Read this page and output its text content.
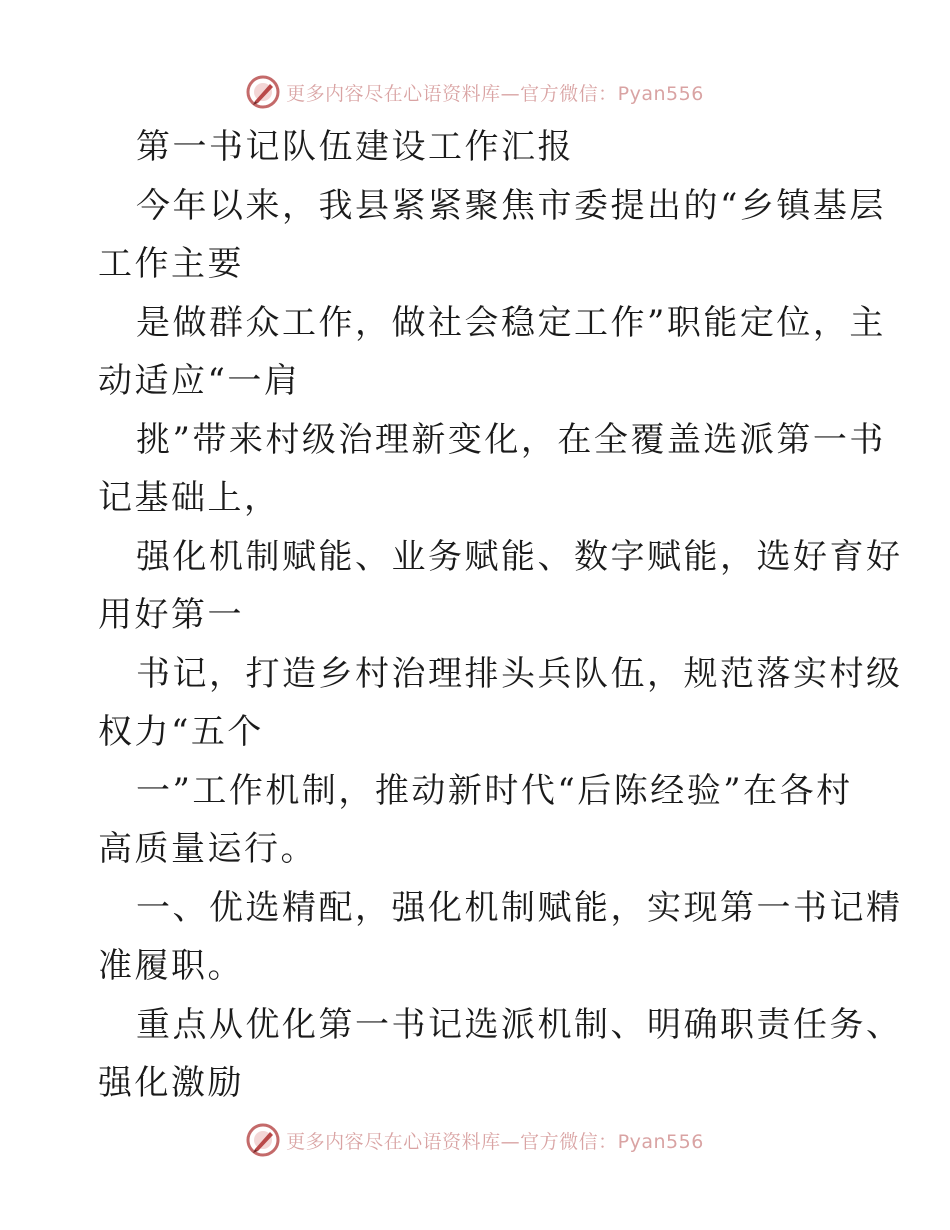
更多内容尽在心语资料库—官方微信：Pyan556
第一书记队伍建设工作汇报
今年以来，我县紧紧聚焦市委提出的“乡镇基层
工作主要
是做群众工作，做社会稳定工作”职能定位，主
动适应“一肩
挑”带来村级治理新变化，在全覆盖选派第一书
记基础上，
强化机制赋能、业务赋能、数字赋能，选好育好
用好第一
书记，打造乡村治理排头兵队伍，规范落实村级
权力“五个
一”工作机制，推动新时代“后陈经验”在各村
高质量运行。
一、优选精配，强化机制赋能，实现第一书记精
准履职。
重点从优化第一书记选派机制、明确职责任务、
强化激励
更多内容尽在心语资料库—官方微信：Pyan556
